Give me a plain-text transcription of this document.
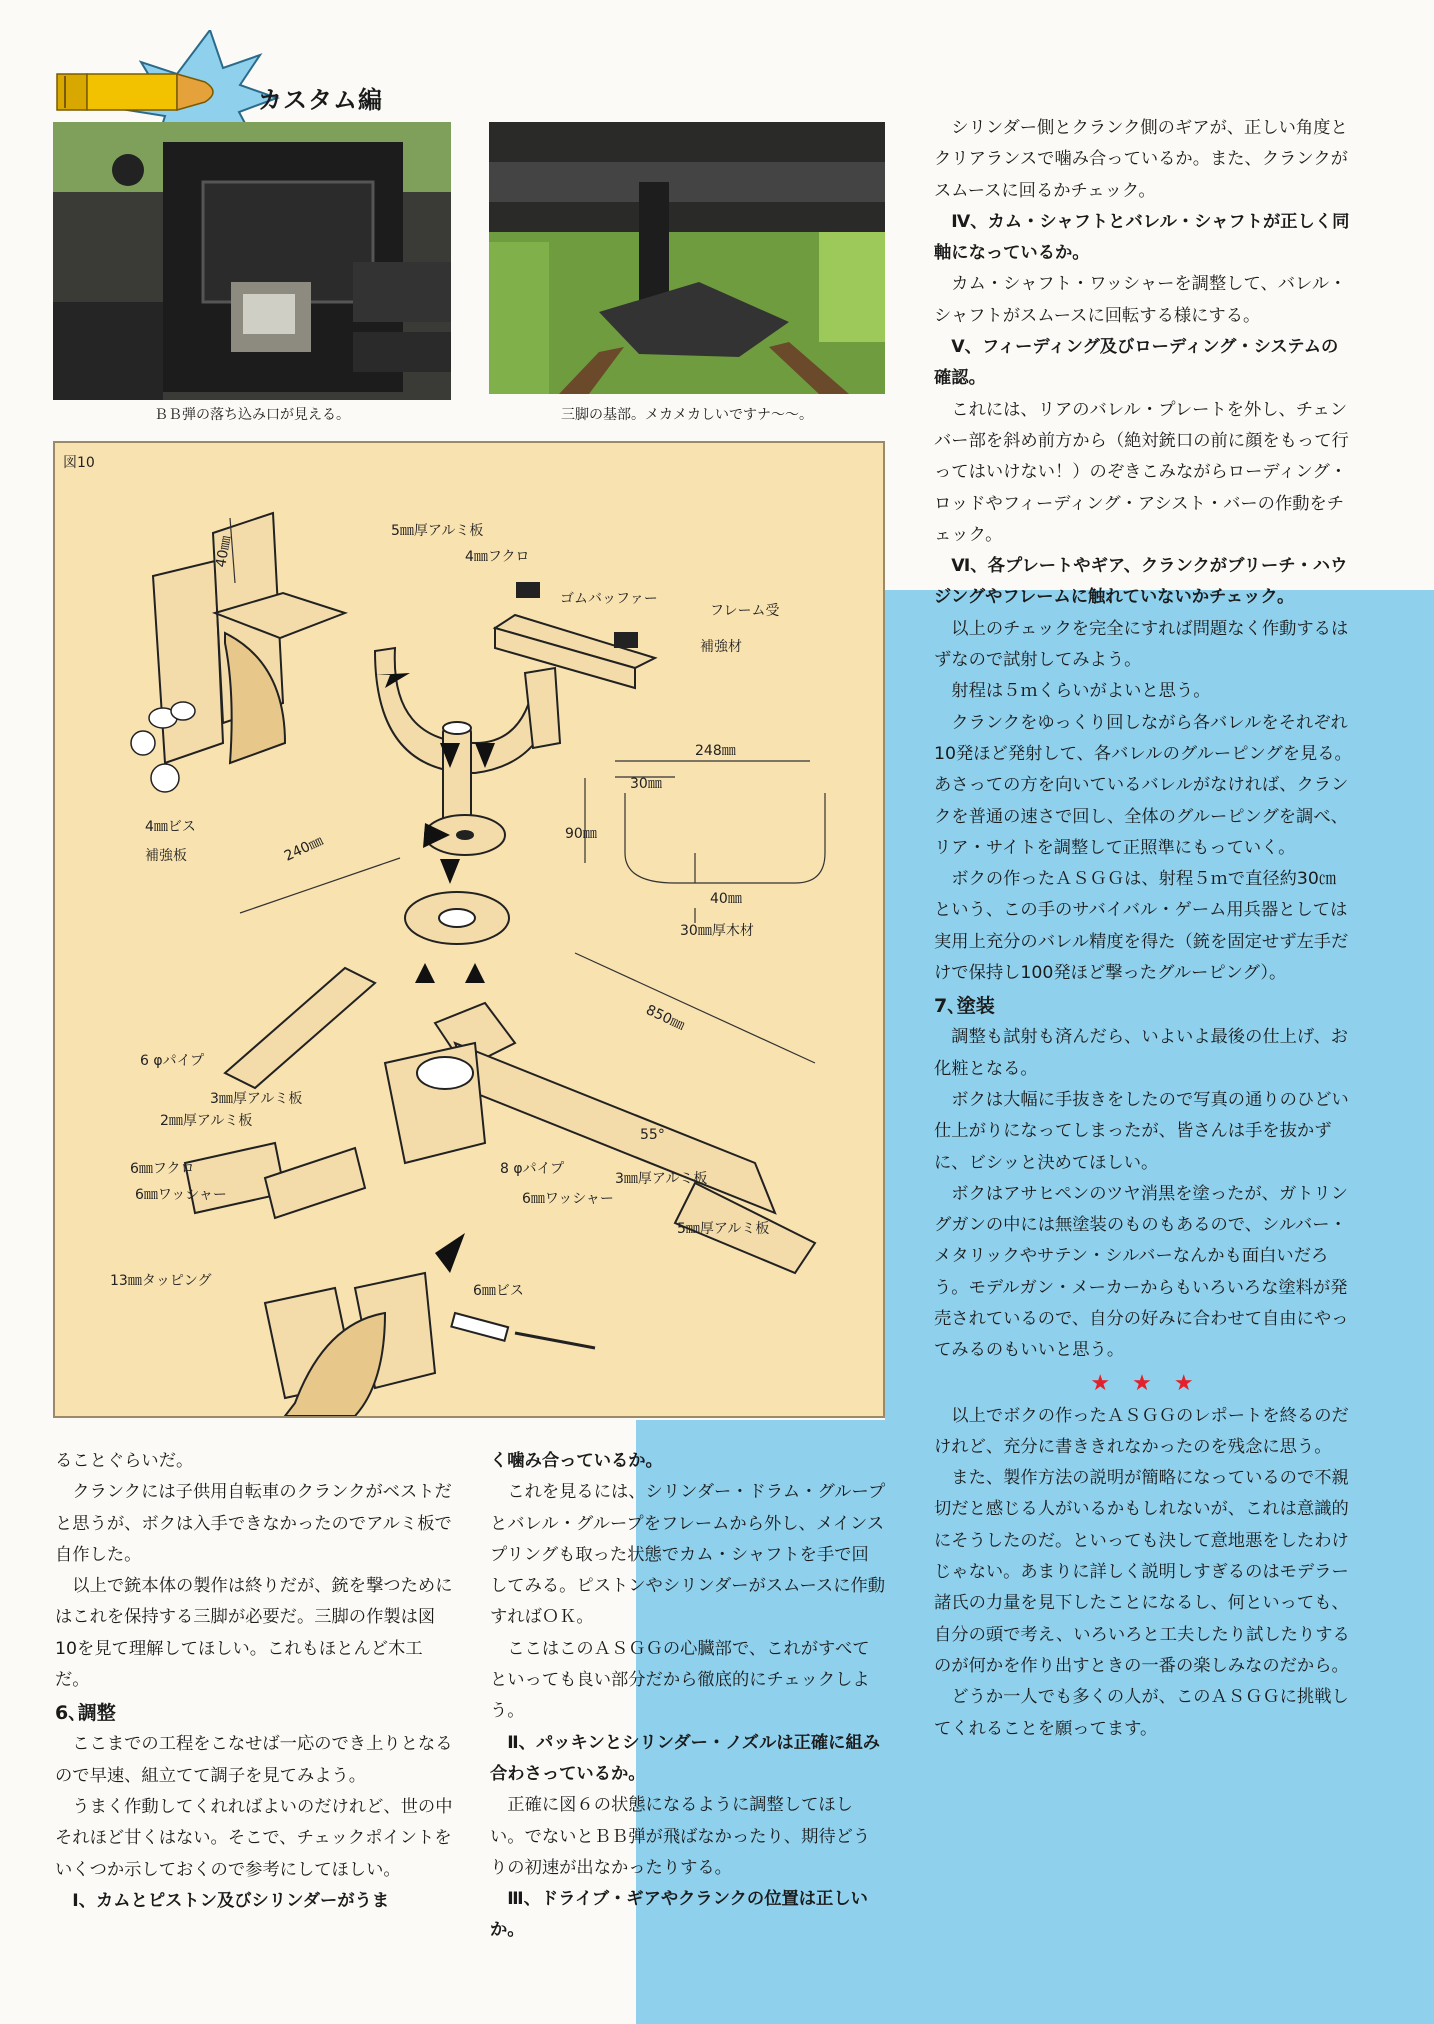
カスタム編
ＢＢ弾の落ち込み口が見える。	三脚の基部。メカメカしいですナ〜〜。
図10
5㎜厚アルミ板
4㎜フクロ
40㎜
ゴムバッファー
フレーム受
補強材
248㎜
30㎜
90㎜
40㎜
30㎜厚木材
4㎜ビス
補強板	240㎜
850㎜
6 φパイプ
3㎜厚アルミ板
2㎜厚アルミ板
6㎜フクロ
6㎜ワッシャー
13㎜タッピング
8 φパイプ
6㎜ワッシャー
3㎜厚アルミ板
5㎜厚アルミ板
6㎜ビス
55°

シリンダー側とクランク側のギアが、正しい角度とクリアランスで噛み合っているか。また、クランクがスムースに回るかチェック。

Ⅳ、カム・シャフトとバレル・シャフトが正しく同軸になっているか。

カム・シャフト・ワッシャーを調整して、バレル・シャフトがスムースに回転する様にする。

Ⅴ、フィーディング及びローディング・システムの確認。

これには、リアのバレル・プレートを外し、チェンバー部を斜め前方から（絶対銃口の前に顔をもって行ってはいけない！）のぞきこみながらローディング・ロッドやフィーディング・アシスト・バーの作動をチェック。

Ⅵ、各プレートやギア、クランクがブリーチ・ハウジングやフレームに触れていないかチェック。

以上のチェックを完全にすれば問題なく作動するはずなので試射してみよう。

射程は５ｍくらいがよいと思う。

クランクをゆっくり回しながら各バレルをそれぞれ10発ほど発射して、各バレルのグルーピングを見る。あさっての方を向いているバレルがなければ、クランクを普通の速さで回し、全体のグルーピングを調べ、リア・サイトを調整して正照準にもっていく。

ボクの作ったＡＳＧＧは、射程５ｍで直径約30㎝という、この手のサバイバル・ゲーム用兵器としては実用上充分のバレル精度を得た（銃を固定せず左手だけで保持し100発ほど撃ったグルーピング）。

7､塗装

調整も試射も済んだら、いよいよ最後の仕上げ、お化粧となる。

ボクは大幅に手抜きをしたので写真の通りのひどい仕上がりになってしまったが、皆さんは手を抜かずに、ビシッと決めてほしい。

ボクはアサヒペンのツヤ消黒を塗ったが、ガトリングガンの中には無塗装のものもあるので、シルバー・メタリックやサテン・シルバーなんかも面白いだろう。モデルガン・メーカーからもいろいろな塗料が発売されているので、自分の好みに合わせて自由にやってみるのもいいと思う。

★★★

以上でボクの作ったＡＳＧＧのレポートを終るのだけれど、充分に書ききれなかったのを残念に思う。

また、製作方法の説明が簡略になっているので不親切だと感じる人がいるかもしれないが、これは意識的にそうしたのだ。といっても決して意地悪をしたわけじゃない。あまりに詳しく説明しすぎるのはモデラー諸氏の力量を見下したことになるし、何といっても、自分の頭で考え、いろいろと工夫したり試したりするのが何かを作り出すときの一番の楽しみなのだから。

どうか一人でも多くの人が、このＡＳＧＧに挑戦してくれることを願ってます。

ることぐらいだ。

クランクには子供用自転車のクランクがベストだと思うが、ボクは入手できなかったのでアルミ板で自作した。

以上で銃本体の製作は終りだが、銃を撃つためにはこれを保持する三脚が必要だ。三脚の作製は図10を見て理解してほしい。これもほとんど木工だ。

6､調整

ここまでの工程をこなせば一応のでき上りとなるので早速、組立てて調子を見てみよう。

うまく作動してくれればよいのだけれど、世の中それほど甘くはない。そこで、チェックポイントをいくつか示しておくので参考にしてほしい。

Ⅰ、カムとピストン及びシリンダーがうま

く噛み合っているか。

これを見るには、シリンダー・ドラム・グループとバレル・グループをフレームから外し、メインスプリングも取った状態でカム・シャフトを手で回してみる。ピストンやシリンダーがスムースに作動すればＯＫ。

ここはこのＡＳＧＧの心臓部で、これがすべてといっても良い部分だから徹底的にチェックしよう。

Ⅱ、パッキンとシリンダー・ノズルは正確に組み合わさっているか。

正確に図６の状態になるように調整してほしい。でないとＢＢ弾が飛ばなかったり、期待どうりの初速が出なかったりする。

Ⅲ、ドライブ・ギアやクランクの位置は正しいか。
